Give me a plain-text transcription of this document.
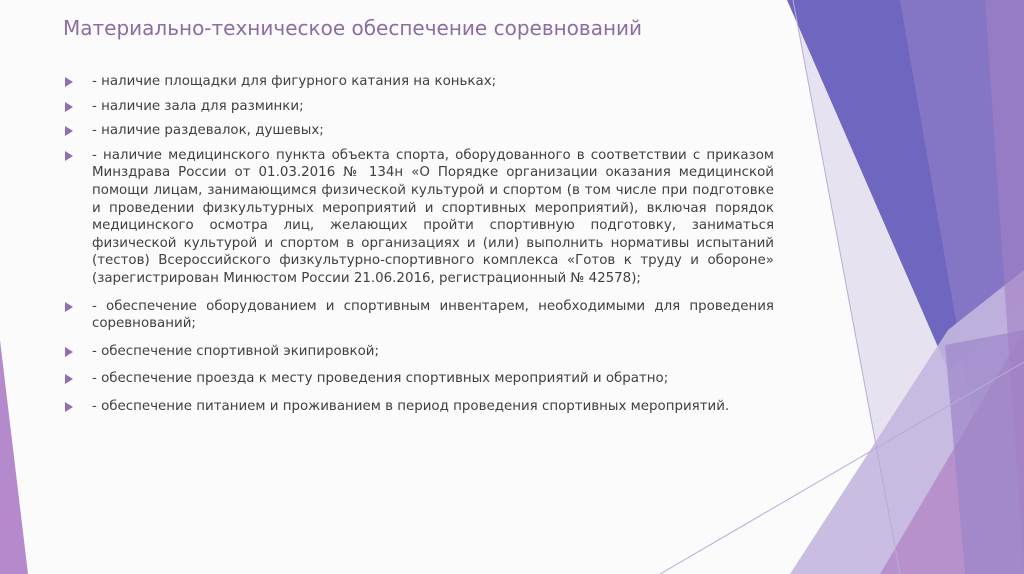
Материально-техническое обеспечение соревнований
- наличие площадки для фигурного катания на коньках;
- наличие зала для разминки;
- наличие раздевалок, душевых;
- наличие медицинского пункта объекта спорта, оборудованного в соответствии с приказом Минздрава России от 01.03.2016 № 134н «О Порядке организации оказания медицинской помощи лицам, занимающимся физической культурой и спортом (в том числе при подготовке и проведении физкультурных мероприятий и спортивных мероприятий), включая порядок медицинского осмотра лиц, желающих пройти спортивную подготовку, заниматься физической культурой и спортом в организациях и (или) выполнить нормативы испытаний (тестов) Всероссийского физкультурно-спортивного комплекса «Готов к труду и обороне» (зарегистрирован Минюстом России 21.06.2016, регистрационный № 42578);
- обеспечение оборудованием и спортивным инвентарем, необходимыми для проведения соревнований;
- обеспечение спортивной экипировкой;
- обеспечение проезда к месту проведения спортивных мероприятий и обратно;
- обеспечение питанием и проживанием в период проведения спортивных мероприятий.
